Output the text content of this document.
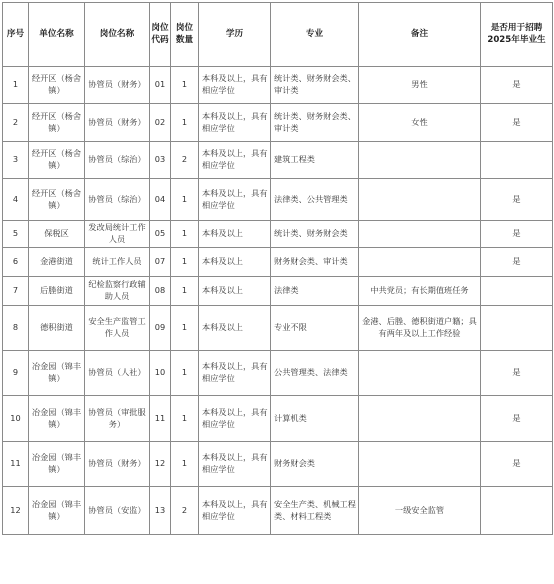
序号	单位名称	岗位名称	岗位代码	岗位数量	学历	专业	备注	是否用于招聘2025年毕业生
1	经开区（杨舍镇）	协管员（财务）	01	1	本科及以上，具有相应学位	统计类、财务财会类、审计类	男性	是
2	经开区（杨舍镇）	协管员（财务）	02	1	本科及以上，具有相应学位	统计类、财务财会类、审计类	女性	是
3	经开区（杨舍镇）	协管员（综治）	03	2	本科及以上，具有相应学位	建筑工程类		
4	经开区（杨舍镇）	协管员（综治）	04	1	本科及以上，具有相应学位	法律类、公共管理类		是
5	保税区	发改局统计工作人员	05	1	本科及以上	统计类、财务财会类		是
6	金港街道	统计工作人员	07	1	本科及以上	财务财会类、审计类		是
7	后塍街道	纪检监察行政辅助人员	08	1	本科及以上	法律类	中共党员；有长期值班任务	
8	德积街道	安全生产监管工作人员	09	1	本科及以上	专业不限	金港、后塍、德积街道户籍；具有两年及以上工作经验	
9	冶金园（锦丰镇）	协管员（人社）	10	1	本科及以上，具有相应学位	公共管理类、法律类		是
10	冶金园（锦丰镇）	协管员（审批服务）	11	1	本科及以上，具有相应学位	计算机类		是
11	冶金园（锦丰镇）	协管员（财务）	12	1	本科及以上，具有相应学位	财务财会类		是
12	冶金园（锦丰镇）	协管员（安监）	13	2	本科及以上，具有相应学位	安全生产类、机械工程类、材料工程类	一级安全监管	
